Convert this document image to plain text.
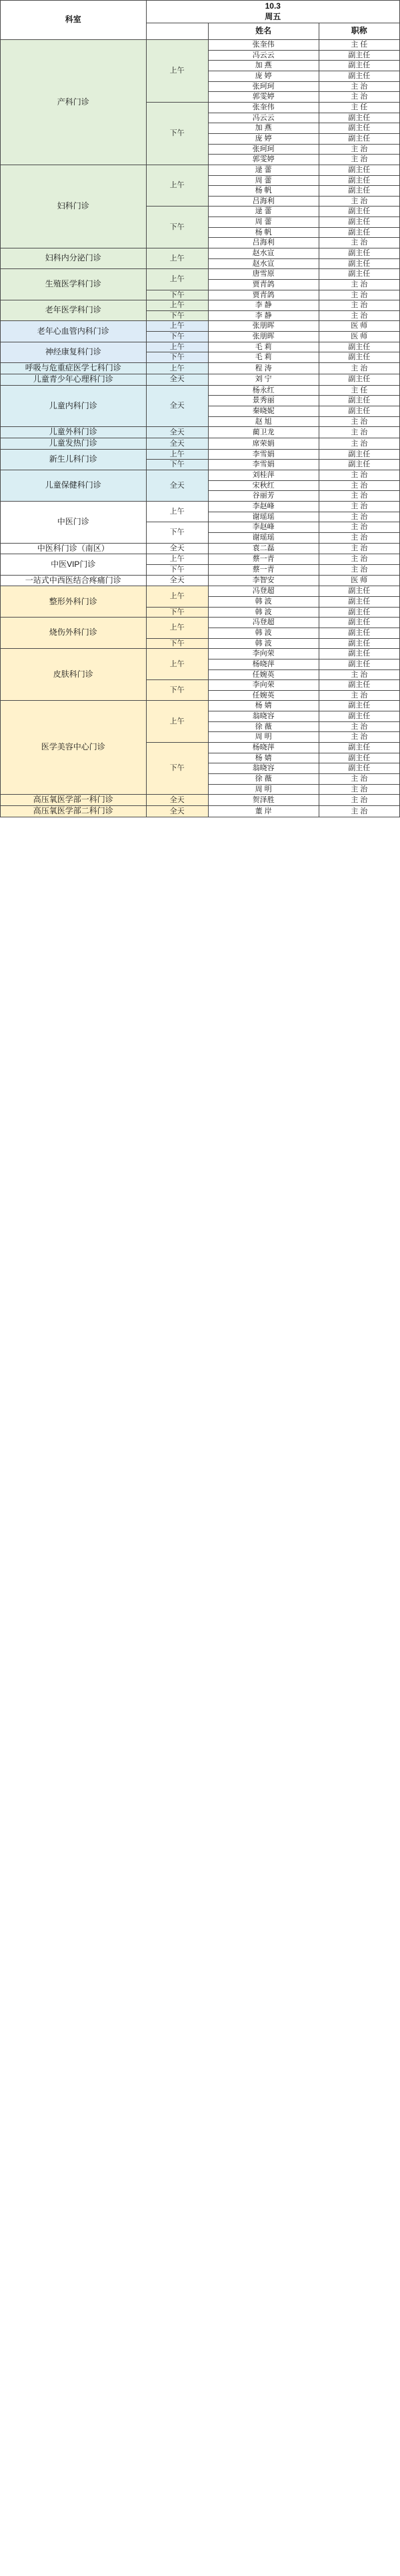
科室	10.3
周五		

		姓名	职称
产科门诊	上午	张奎伟	主 任
		冯云云	副主任
		加 燕	副主任
		庞 婷	副主任
		张珂珂	主 治
		郭雯婷	主 治
	下午	张奎伟	主 任
		冯云云	副主任
		加 燕	副主任
		庞 婷	副主任
		张珂珂	主 治
		郭雯婷	主 治
妇科门诊	上午	逯 蕾	副主任
		周 蕾	副主任
		杨 帆	副主任
		吕海利	主 治
	下午	逯 蕾	副主任
		周 蕾	副主任
		杨 帆	副主任
		吕海利	主 治
妇科内分泌门诊	上午	赵水宣	副主任
		赵水宣	副主任
生殖医学科门诊	上午	唐雪原	副主任
		贾青鸽	主 治
	下午	贾青鸽	主 治
老年医学科门诊	上午	李 静	主 治
	下午	李 静	主 治
老年心血管内科门诊	上午	张朋晖	医 师
	下午	张朋晖	医 师
神经康复科门诊	上午	毛 莉	副主任
	下午	毛 莉	副主任
呼吸与危重症医学七科门诊	上午	程 涛	主 治
儿童青少年心理科门诊	全天	刘 宁	副主任
儿童内科门诊	全天	杨永红	主 任
		景秀丽	副主任
		秦晓妮	副主任
		赵 旭	主 治
儿童外科门诊	全天	蔺卫龙	主 治
儿童发热门诊	全天	席荣娟	主 治
新生儿科门诊	上午	李雪娟	副主任
	下午	李雪娟	副主任
儿童保健科门诊	全天	刘桂萍	主 治
		宋秋红	主 治
		谷丽芳	主 治
中医门诊	上午	李赵峰	主 治
		谢瑶瑶	主 治
	下午	李赵峰	主 治
		谢瑶瑶	主 治
中医科门诊（南区）	全天	袁二磊	主 治
中医VIP门诊	上午	蔡一青	主 治
	下午	蔡一青	主 治
一站式中西医结合疼痛门诊	全天	李智安	医 师
整形外科门诊	上午	冯登超	副主任
		韩 波	副主任
	下午	韩 波	副主任
烧伤外科门诊	上午	冯登超	副主任
		韩 波	副主任
	下午	韩 波	副主任
皮肤科门诊	上午	李向荣	副主任
		杨晓萍	副主任
		任婉英	主 治
	下午	李向荣	副主任
		任婉英	主 治
医学美容中心门诊	上午	杨 婧	副主任
		翁晓容	副主任
		徐 薇	主 治
		周 明	主 治
	下午	杨晓萍	副主任
		杨 婧	副主任
		翁晓容	副主任
		徐 薇	主 治
		周 明	主 治
高压氧医学部一科门诊	全天	贺泽胜	主 治
高压氧医学部二科门诊	全天	董 岸	主 治
